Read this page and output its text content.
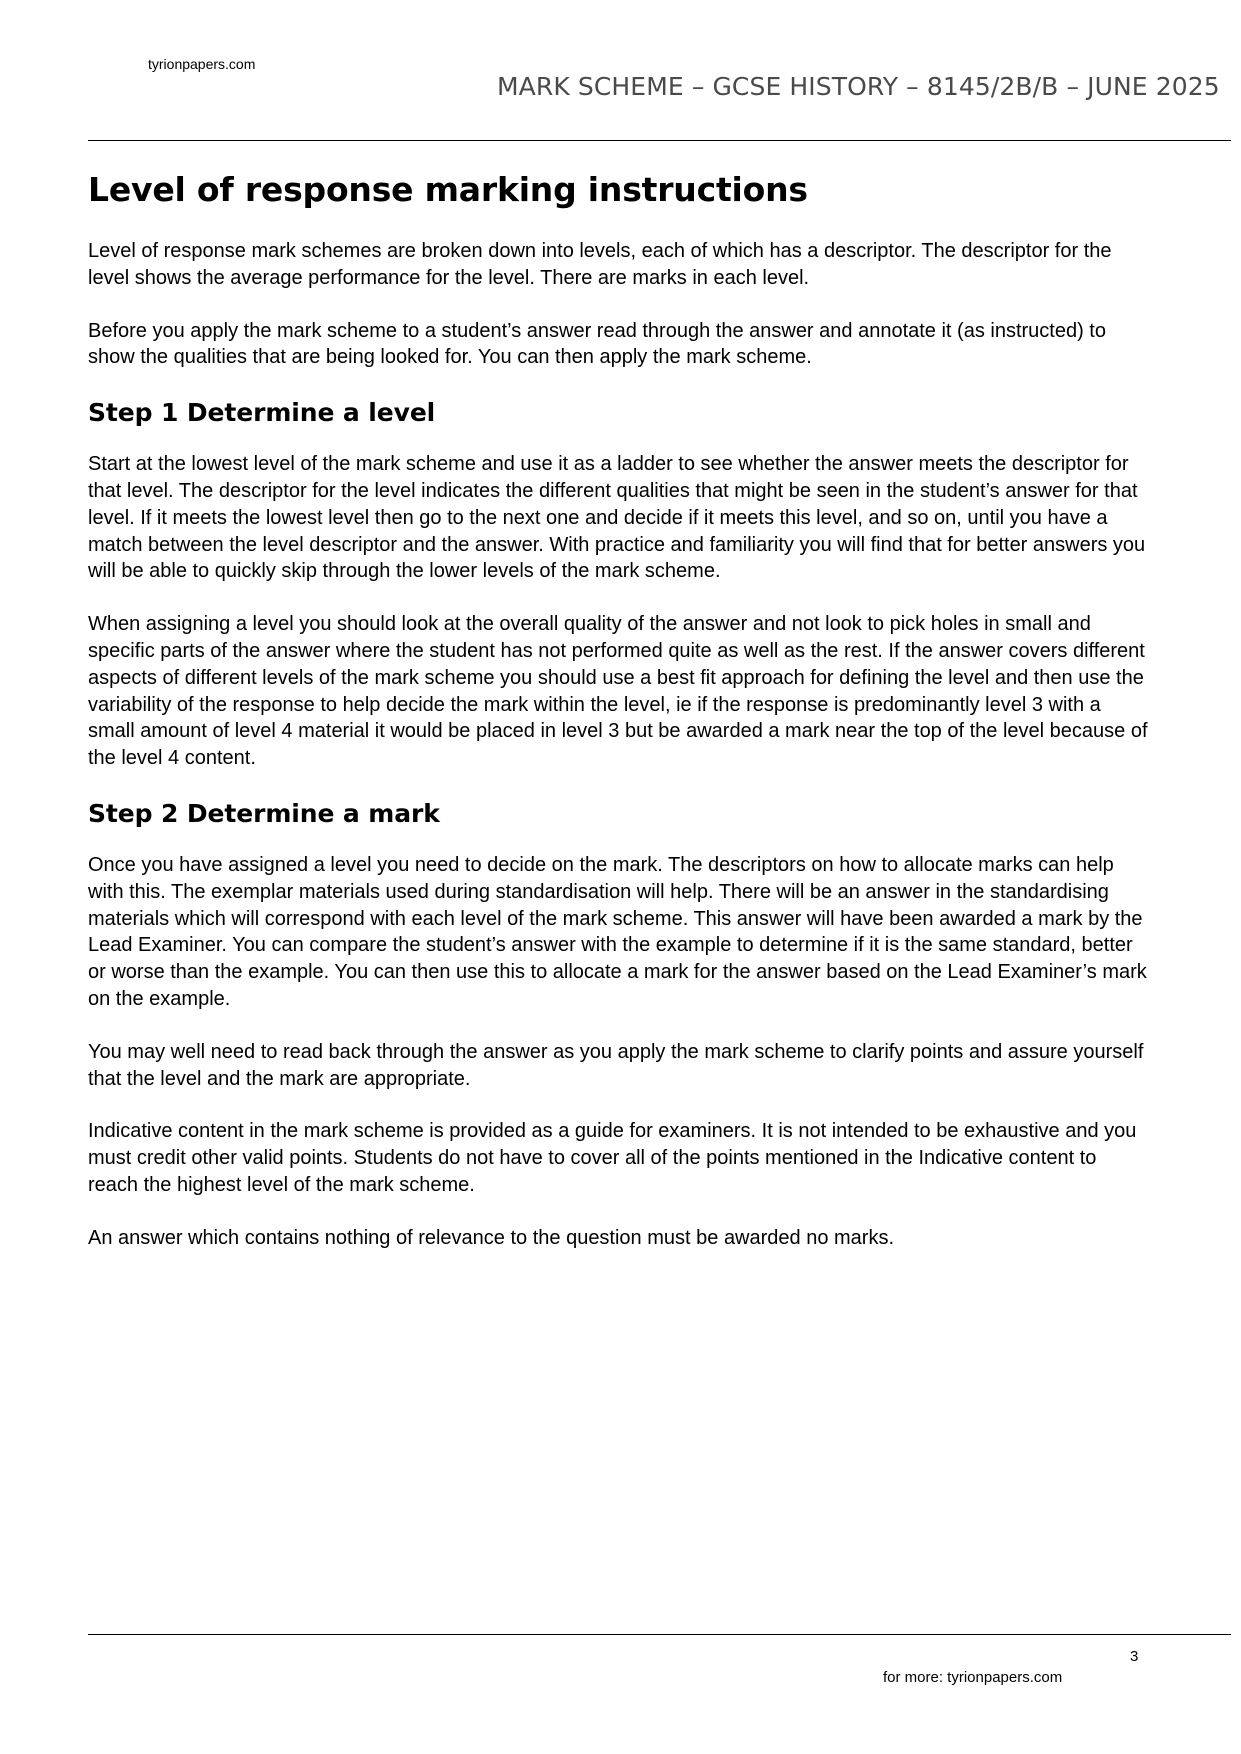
tyrionpapers.com
MARK SCHEME – GCSE HISTORY – 8145/2B/B – JUNE 2025
Level of response marking instructions

Level of response mark schemes are broken down into levels, each of which has a descriptor. The descriptor for the level shows the average performance for the level. There are marks in each level.

Before you apply the mark scheme to a student’s answer read through the answer and annotate it (as instructed) to show the qualities that are being looked for. You can then apply the mark scheme.

Step 1 Determine a level

Start at the lowest level of the mark scheme and use it as a ladder to see whether the answer meets the descriptor for that level. The descriptor for the level indicates the different qualities that might be seen in the student’s answer for that level. If it meets the lowest level then go to the next one and decide if it meets this level, and so on, until you have a match between the level descriptor and the answer. With practice and familiarity you will find that for better answers you will be able to quickly skip through the lower levels of the mark scheme.

When assigning a level you should look at the overall quality of the answer and not look to pick holes in small and specific parts of the answer where the student has not performed quite as well as the rest. If the answer covers different aspects of different levels of the mark scheme you should use a best fit approach for defining the level and then use the variability of the response to help decide the mark within the level, ie if the response is predominantly level 3 with a small amount of level 4 material it would be placed in level 3 but be awarded a mark near the top of the level because of the level 4 content.

Step 2 Determine a mark

Once you have assigned a level you need to decide on the mark. The descriptors on how to allocate marks can help with this. The exemplar materials used during standardisation will help. There will be an answer in the standardising materials which will correspond with each level of the mark scheme. This answer will have been awarded a mark by the Lead Examiner. You can compare the student’s answer with the example to determine if it is the same standard, better or worse than the example. You can then use this to allocate a mark for the answer based on the Lead Examiner’s mark on the example.

You may well need to read back through the answer as you apply the mark scheme to clarify points and assure yourself that the level and the mark are appropriate.

Indicative content in the mark scheme is provided as a guide for examiners. It is not intended to be exhaustive and you must credit other valid points. Students do not have to cover all of the points mentioned in the Indicative content to reach the highest level of the mark scheme.

An answer which contains nothing of relevance to the question must be awarded no marks.

3
for more: tyrionpapers.com
